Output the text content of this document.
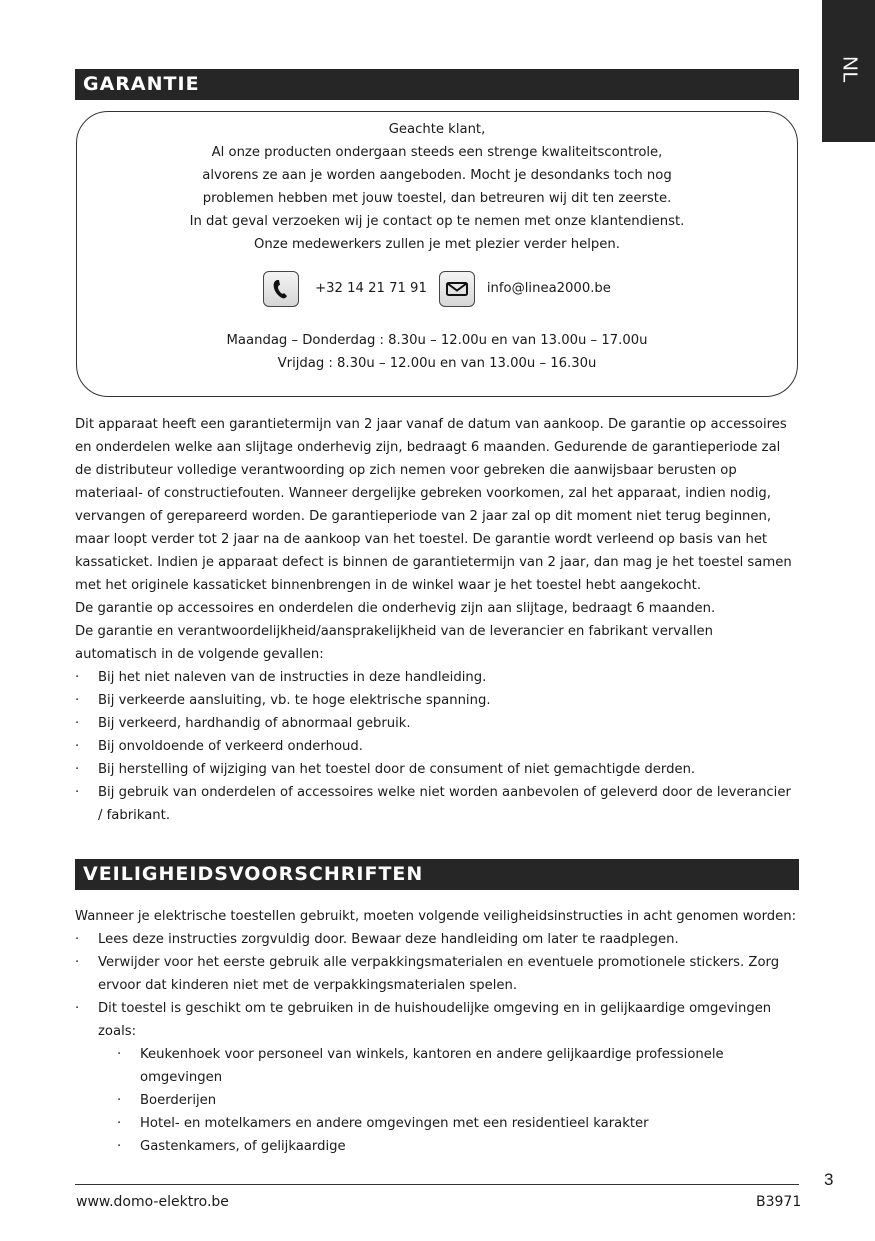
NL
GARANTIE
Geachte klant,
Al onze producten ondergaan steeds een strenge kwaliteitscontrole,
alvorens ze aan je worden aangeboden. Mocht je desondanks toch nog
problemen hebben met jouw toestel, dan betreuren wij dit ten zeerste.
In dat geval verzoeken wij je contact op te nemen met onze klantendienst.
Onze medewerkers zullen je met plezier verder helpen.
+32 14 21 71 91	info@linea2000.be
Maandag – Donderdag : 8.30u – 12.00u en van 13.00u – 17.00u
Vrijdag : 8.30u – 12.00u en van 13.00u – 16.30u

Dit apparaat heeft een garantietermijn van 2 jaar vanaf de datum van aankoop. De garantie op accessoires en onderdelen welke aan slijtage onderhevig zijn, bedraagt 6 maanden. Gedurende de garantieperiode zal de distributeur volledige verantwoording op zich nemen voor gebreken die aanwijsbaar berusten op materiaal- of constructiefouten. Wanneer dergelijke gebreken voorkomen, zal het apparaat, indien nodig, vervangen of gerepareerd worden. De garantieperiode van 2 jaar zal op dit moment niet terug beginnen, maar loopt verder tot 2 jaar na de aankoop van het toestel. De garantie wordt verleend op basis van het kassaticket. Indien je apparaat defect is binnen de garantietermijn van 2 jaar, dan mag je het toestel samen met het originele kassaticket binnenbrengen in de winkel waar je het toestel hebt aangekocht.

De garantie op accessoires en onderdelen die onderhevig zijn aan slijtage, bedraagt 6 maanden.

De garantie en verantwoordelijkheid/aansprakelijkheid van de leverancier en fabrikant vervallen automatisch in de volgende gevallen:

· Bij het niet naleven van de instructies in deze handleiding.
· Bij verkeerde aansluiting, vb. te hoge elektrische spanning.
· Bij verkeerd, hardhandig of abnormaal gebruik.
· Bij onvoldoende of verkeerd onderhoud.
· Bij herstelling of wijziging van het toestel door de consument of niet gemachtigde derden.
· Bij gebruik van onderdelen of accessoires welke niet worden aanbevolen of geleverd door de leverancier / fabrikant.
VEILIGHEIDSVOORSCHRIFTEN

Wanneer je elektrische toestellen gebruikt, moeten volgende veiligheidsinstructies in acht genomen worden:

· Lees deze instructies zorgvuldig door. Bewaar deze handleiding om later te raadplegen.
· Verwijder voor het eerste gebruik alle verpakkingsmaterialen en eventuele promotionele stickers. Zorg ervoor dat kinderen niet met de verpakkingsmaterialen spelen.
· Dit toestel is geschikt om te gebruiken in de huishoudelijke omgeving en in gelijkaardige omgevingen zoals:
· Keukenhoek voor personeel van winkels, kantoren en andere gelijkaardige professionele omgevingen
· Boerderijen
· Hotel- en motelkamers en andere omgevingen met een residentieel karakter
· Gastenkamers, of gelijkaardige
3
www.domo-elektro.be	B3971
